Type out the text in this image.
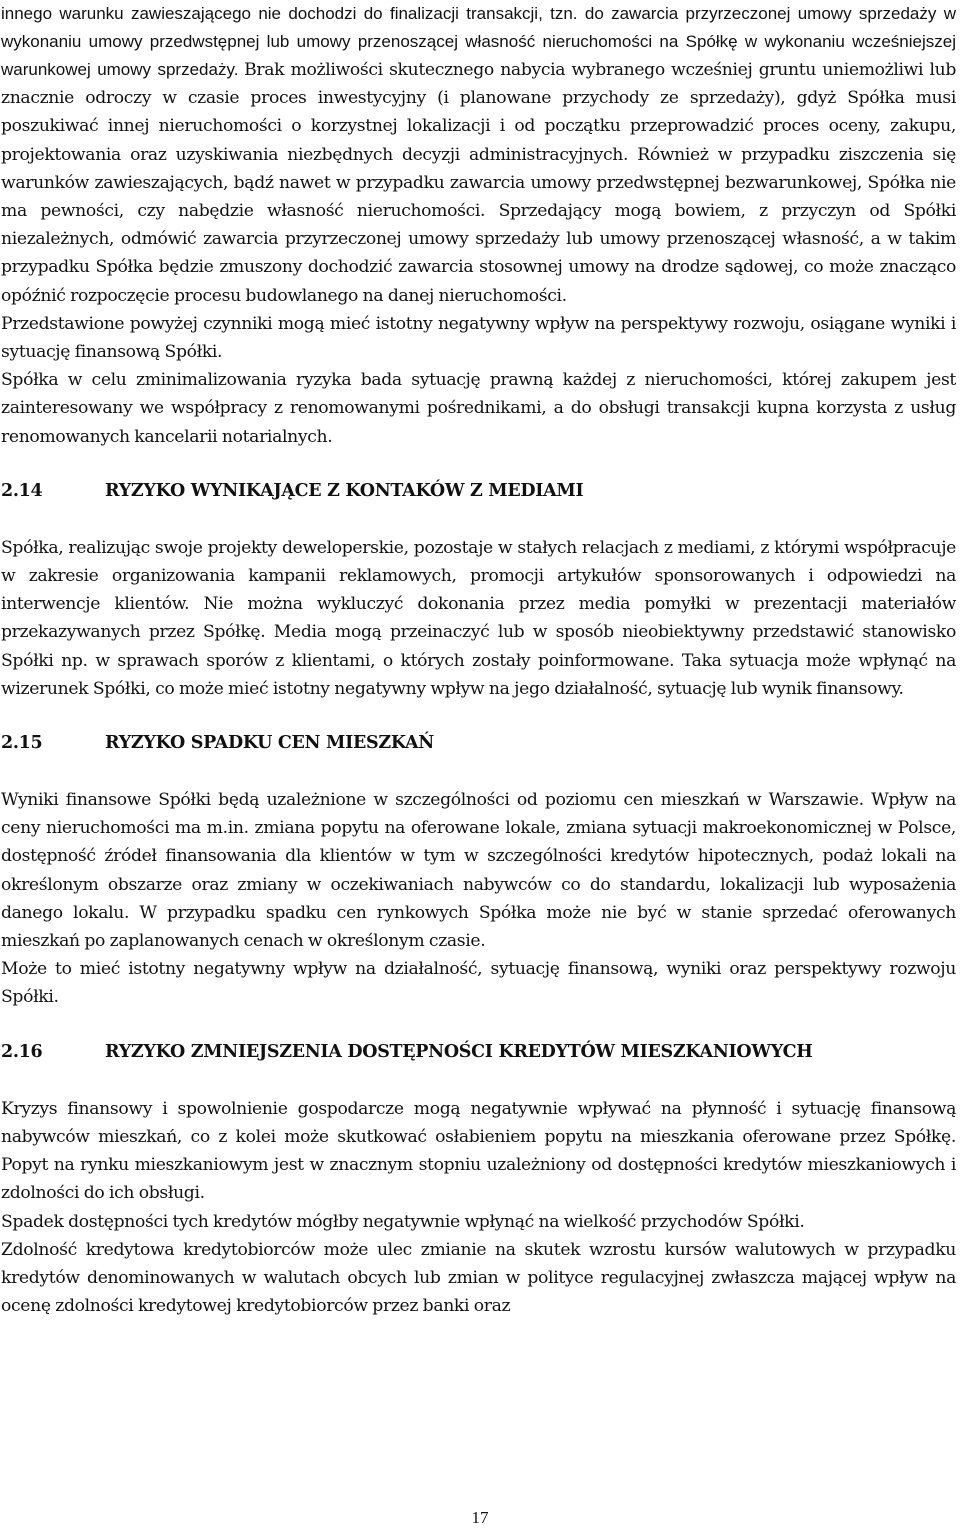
innego warunku zawieszającego nie dochodzi do finalizacji transakcji, tzn. do zawarcia przyrzeczonej umowy sprzedaży w wykonaniu umowy przedwstępnej lub umowy przenoszącej własność nieruchomości na Spółkę w wykonaniu wcześniejszej warunkowej umowy sprzedaży. Brak możliwości skutecznego nabycia wybranego wcześniej gruntu uniemożliwi lub znacznie odroczy w czasie proces inwestycyjny (i planowane przychody ze sprzedaży), gdyż Spółka musi poszukiwać innej nieruchomości o korzystnej lokalizacji i od początku przeprowadzić proces oceny, zakupu, projektowania oraz uzyskiwania niezbędnych decyzji administracyjnych. Również w przypadku ziszczenia się warunków zawieszających, bądź nawet w przypadku zawarcia umowy przedwstępnej bezwarunkowej, Spółka nie ma pewności, czy nabędzie własność nieruchomości. Sprzedający mogą bowiem, z przyczyn od Spółki niezależnych, odmówić zawarcia przyrzeczonej umowy sprzedaży lub umowy przenoszącej własność, a w takim przypadku Spółka będzie zmuszony dochodzić zawarcia stosownej umowy na drodze sądowej, co może znacząco opóźnić rozpoczęcie procesu budowlanego na danej nieruchomości.

Przedstawione powyżej czynniki mogą mieć istotny negatywny wpływ na perspektywy rozwoju, osiągane wyniki i sytuację finansową Spółki.

Spółka w celu zminimalizowania ryzyka bada sytuację prawną każdej z nieruchomości, której zakupem jest zainteresowany we współpracy z renomowanymi pośrednikami, a do obsługi transakcji kupna korzysta z usług renomowanych kancelarii notarialnych.

2.14	RYZYKO WYNIKAJĄCE Z KONTAKÓW Z MEDIAMI

Spółka, realizując swoje projekty deweloperskie, pozostaje w stałych relacjach z mediami, z którymi współpracuje w zakresie organizowania kampanii reklamowych, promocji artykułów sponsorowanych i odpowiedzi na interwencje klientów. Nie można wykluczyć dokonania przez media pomyłki w prezentacji materiałów przekazywanych przez Spółkę. Media mogą przeinaczyć lub w sposób nieobiektywny przedstawić stanowisko Spółki np. w sprawach sporów z klientami, o których zostały poinformowane. Taka sytuacja może wpłynąć na wizerunek Spółki, co może mieć istotny negatywny wpływ na jego działalność, sytuację lub wynik finansowy.

2.15	RYZYKO SPADKU CEN MIESZKAŃ

Wyniki finansowe Spółki będą uzależnione w szczególności od poziomu cen mieszkań w Warszawie. Wpływ na ceny nieruchomości ma m.in. zmiana popytu na oferowane lokale, zmiana sytuacji makroekonomicznej w Polsce, dostępność źródeł finansowania dla klientów w tym w szczególności kredytów hipotecznych, podaż lokali na określonym obszarze oraz zmiany w oczekiwaniach nabywców co do standardu, lokalizacji lub wyposażenia danego lokalu. W przypadku spadku cen rynkowych Spółka może nie być w stanie sprzedać oferowanych mieszkań po zaplanowanych cenach w określonym czasie.

Może to mieć istotny negatywny wpływ na działalność, sytuację finansową, wyniki oraz perspektywy rozwoju Spółki.

2.16	RYZYKO ZMNIEJSZENIA DOSTĘPNOŚCI KREDYTÓW MIESZKANIOWYCH

Kryzys finansowy i spowolnienie gospodarcze mogą negatywnie wpływać na płynność i sytuację finansową nabywców mieszkań, co z kolei może skutkować osłabieniem popytu na mieszkania oferowane przez Spółkę. Popyt na rynku mieszkaniowym jest w znacznym stopniu uzależniony od dostępności kredytów mieszkaniowych i zdolności do ich obsługi.

Spadek dostępności tych kredytów mógłby negatywnie wpłynąć na wielkość przychodów Spółki.

Zdolność kredytowa kredytobiorców może ulec zmianie na skutek wzrostu kursów walutowych w przypadku kredytów denominowanych w walutach obcych lub zmian w polityce regulacyjnej zwłaszcza mającej wpływ na ocenę zdolności kredytowej kredytobiorców przez banki oraz

17
